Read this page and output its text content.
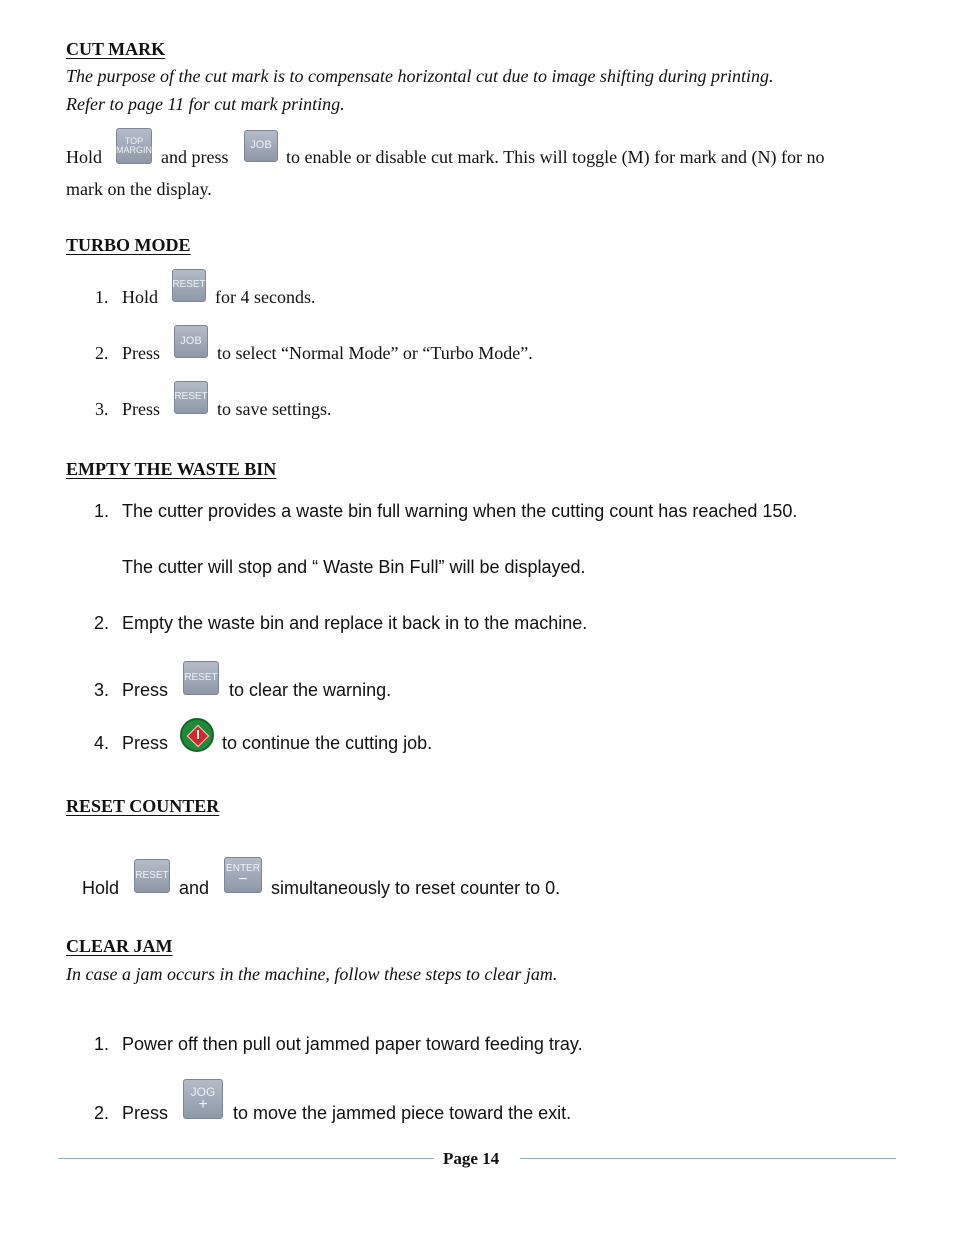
CUT MARK
The purpose of the cut mark is to compensate horizontal cut due to image shifting during printing.
Refer to page 11 for cut mark printing.
Hold
TOP
MARGIN and press
JOB
to enable or disable cut mark. This will toggle (M) for mark and (N) for no
mark on the display.
TURBO MODE
1. Hold
RESET
for 4 seconds.
2. Press
JOB
to select “Normal Mode” or “Turbo Mode”.
3. Press
RESET
to save settings.
EMPTY THE WASTE BIN
1. The cutter provides a waste bin full warning when the cutting count has reached 150.
The cutter will stop and “ Waste Bin Full” will be displayed.
2. Empty the waste bin and replace it back in to the machine.
3. Press
RESET
to clear the warning.
4. Press	to continue the cutting job.
RESET COUNTER
Hold
RESET
and
ENTER
− simultaneously to reset counter to 0.
CLEAR JAM
In case a jam occurs in the machine, follow these steps to clear jam.
1. Power off then pull out jammed paper toward feeding tray.
2. Press
JOG
+ to move the jammed piece toward the exit.
Page 14
